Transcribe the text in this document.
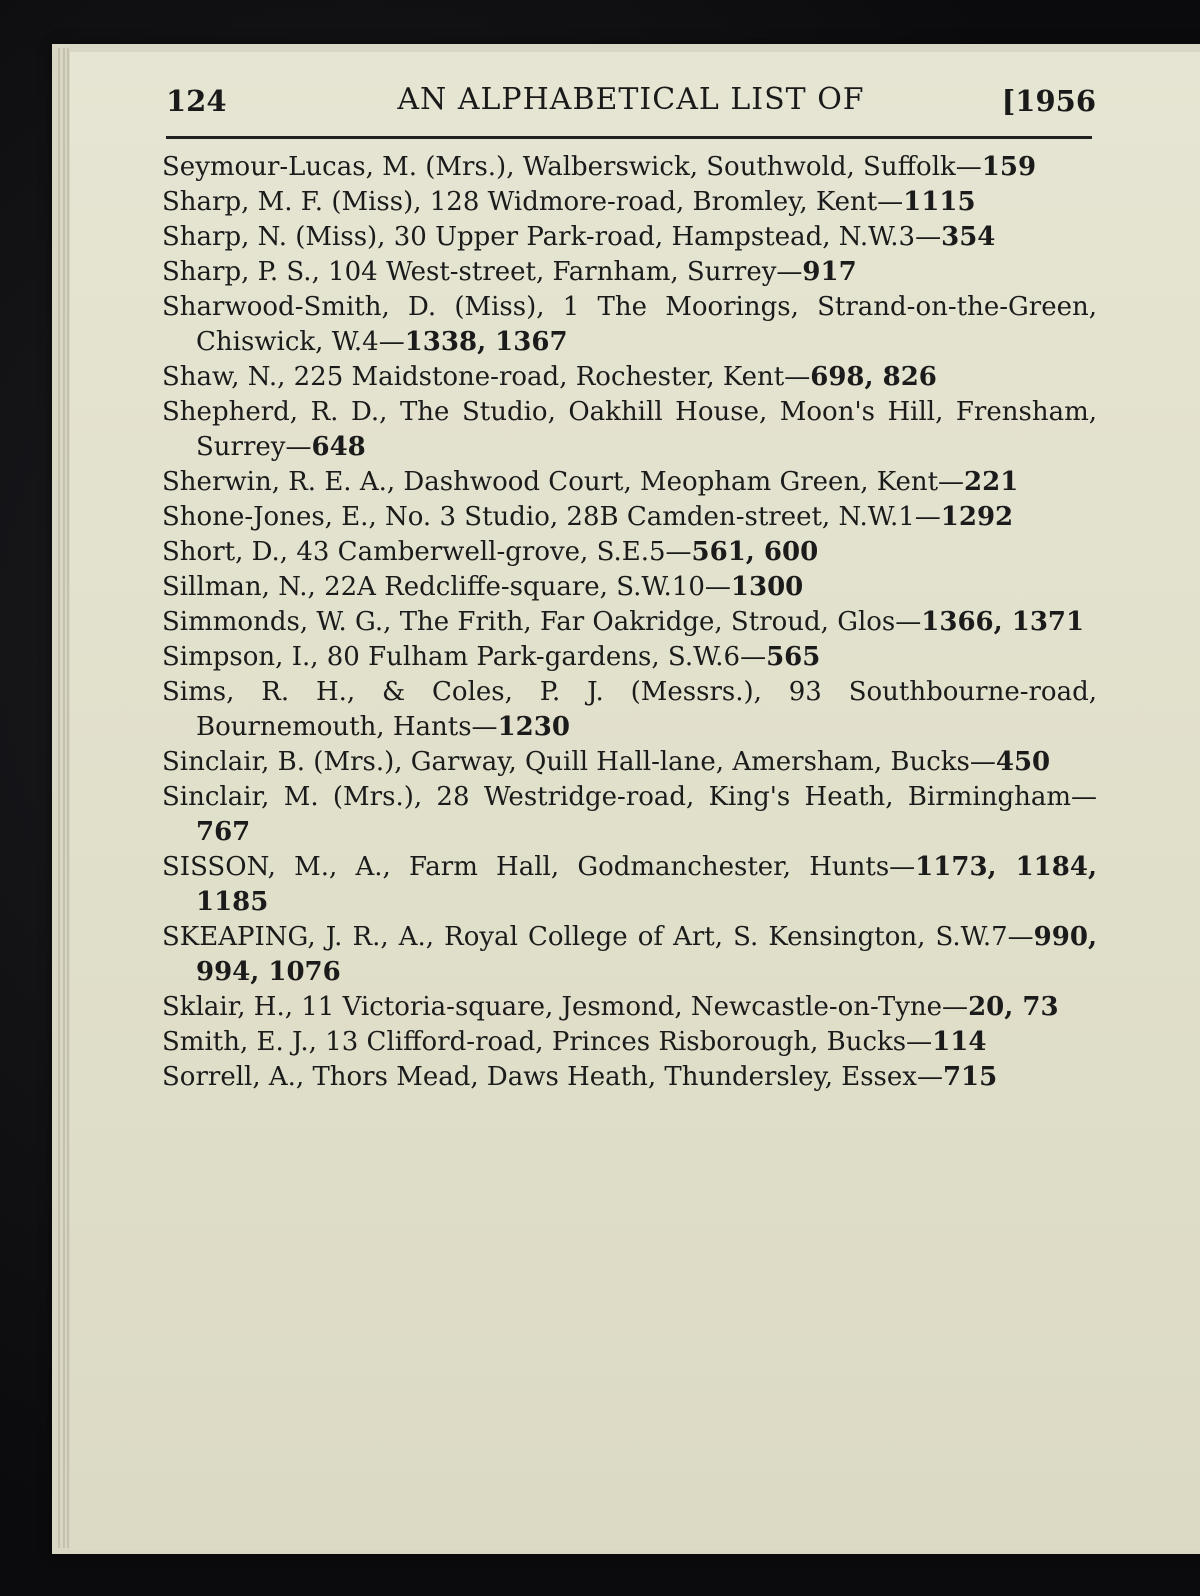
124	AN ALPHABETICAL LIST OF	[1956
Seymour-Lucas, M. (Mrs.), Walberswick, Southwold, Suffolk—159
Sharp, M. F. (Miss), 128 Widmore-road, Bromley, Kent—1115
Sharp, N. (Miss), 30 Upper Park-road, Hampstead, N.W.3—354
Sharp, P. S., 104 West-street, Farnham, Surrey—917
Sharwood-Smith, D. (Miss), 1 The Moorings, Strand-on-the-Green, Chiswick, W.4—1338, 1367
Shaw, N., 225 Maidstone-road, Rochester, Kent—698, 826
Shepherd, R. D., The Studio, Oakhill House, Moon's Hill, Frensham, Surrey—648
Sherwin, R. E. A., Dashwood Court, Meopham Green, Kent—221
Shone-Jones, E., No. 3 Studio, 28B Camden-street, N.W.1—1292
Short, D., 43 Camberwell-grove, S.E.5—561, 600
Sillman, N., 22A Redcliffe-square, S.W.10—1300
Simmonds, W. G., The Frith, Far Oakridge, Stroud, Glos—1366, 1371
Simpson, I., 80 Fulham Park-gardens, S.W.6—565
Sims, R. H., & Coles, P. J. (Messrs.), 93 Southbourne-road, Bournemouth, Hants—1230
Sinclair, B. (Mrs.), Garway, Quill Hall-lane, Amersham, Bucks—450
Sinclair, M. (Mrs.), 28 Westridge-road, King's Heath, Birmingham—767
SISSON, M., A., Farm Hall, Godmanchester, Hunts—1173, 1184, 1185
SKEAPING, J. R., A., Royal College of Art, S. Kensington, S.W.7—990, 994, 1076
Sklair, H., 11 Victoria-square, Jesmond, Newcastle-on-Tyne—20, 73
Smith, E. J., 13 Clifford-road, Princes Risborough, Bucks—114
Sorrell, A., Thors Mead, Daws Heath, Thundersley, Essex—715
